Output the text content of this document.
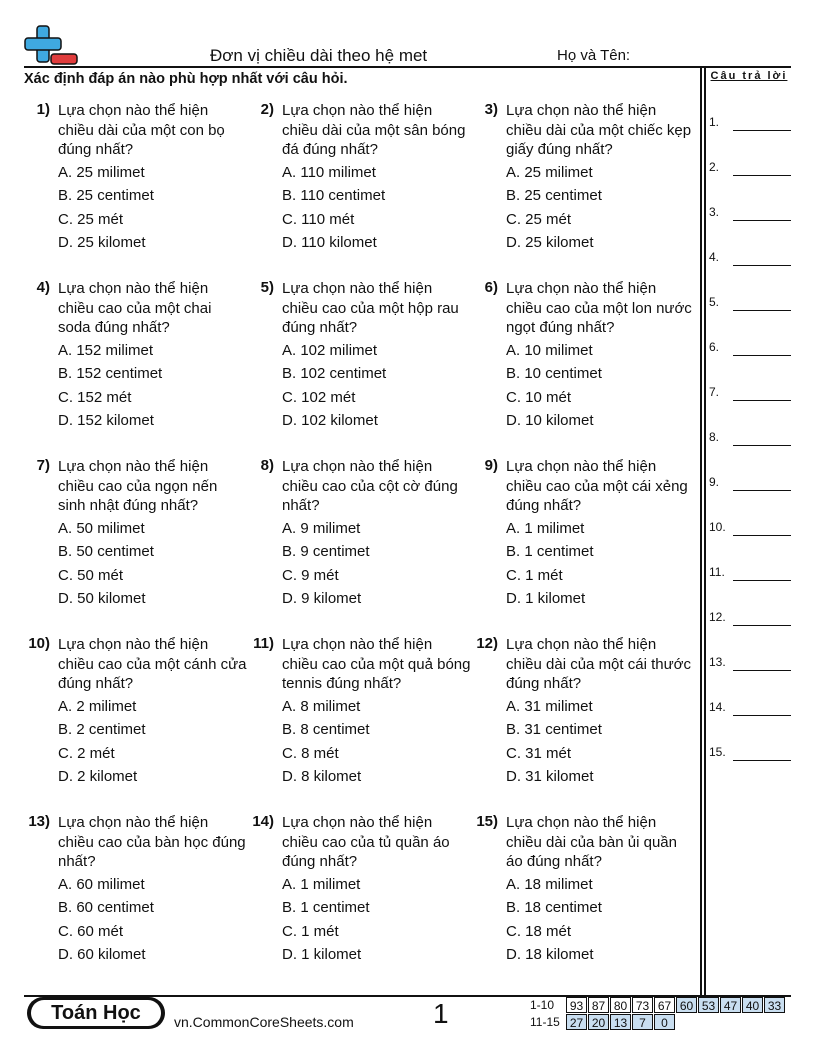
Đơn vị chiều dài theo hệ met	Họ và Tên:
Xác định đáp án nào phù hợp nhất với câu hỏi.	Câu trả lời
1.
2.
3.
4.
5.
6.
7.
8.
9.
10.
11.
12.
13.
14.
15.
1) Lựa chọn nào thể hiện chiều dài của một con bọ đúng nhất?
A. 25 milimet
B. 25 centimet
C. 25 mét
D. 25 kilomet
2) Lựa chọn nào thể hiện chiều dài của một sân bóng đá đúng nhất?
A. 110 milimet
B. 110 centimet
C. 110 mét
D. 110 kilomet
3) Lựa chọn nào thể hiện chiều dài của một chiếc kẹp giấy đúng nhất?
A. 25 milimet
B. 25 centimet
C. 25 mét
D. 25 kilomet
4) Lựa chọn nào thể hiện chiều cao của một chai soda đúng nhất?
A. 152 milimet
B. 152 centimet
C. 152 mét
D. 152 kilomet
5) Lựa chọn nào thể hiện chiều cao của một hộp rau đúng nhất?
A. 102 milimet
B. 102 centimet
C. 102 mét
D. 102 kilomet
6) Lựa chọn nào thể hiện chiều cao của một lon nước ngọt đúng nhất?
A. 10 milimet
B. 10 centimet
C. 10 mét
D. 10 kilomet
7) Lựa chọn nào thể hiện chiều cao của ngọn nến sinh nhật đúng nhất?
A. 50 milimet
B. 50 centimet
C. 50 mét
D. 50 kilomet
8) Lựa chọn nào thể hiện chiều cao của cột cờ đúng nhất?
A. 9 milimet
B. 9 centimet
C. 9 mét
D. 9 kilomet
9) Lựa chọn nào thể hiện chiều cao của một cái xẻng đúng nhất?
A. 1 milimet
B. 1 centimet
C. 1 mét
D. 1 kilomet
10) Lựa chọn nào thể hiện chiều cao của một cánh cửa đúng nhất?
A. 2 milimet
B. 2 centimet
C. 2 mét
D. 2 kilomet
11) Lựa chọn nào thể hiện chiều cao của một quả bóng tennis đúng nhất?
A. 8 milimet
B. 8 centimet
C. 8 mét
D. 8 kilomet
12) Lựa chọn nào thể hiện chiều dài của một cái thước đúng nhất?
A. 31 milimet
B. 31 centimet
C. 31 mét
D. 31 kilomet
13) Lựa chọn nào thể hiện chiều cao của bàn học đúng nhất?
A. 60 milimet
B. 60 centimet
C. 60 mét
D. 60 kilomet
14) Lựa chọn nào thể hiện chiều cao của tủ quần áo đúng nhất?
A. 1 milimet
B. 1 centimet
C. 1 mét
D. 1 kilomet
15) Lựa chọn nào thể hiện chiều dài của bàn ủi quần áo đúng nhất?
A. 18 milimet
B. 18 centimet
C. 18 mét
D. 18 kilomet
Toán Học	vn.CommonCoreSheets.com	1	1-10	93 87 80 73 67 60 53 47 40 33
11-15 27 20 13 7	0
